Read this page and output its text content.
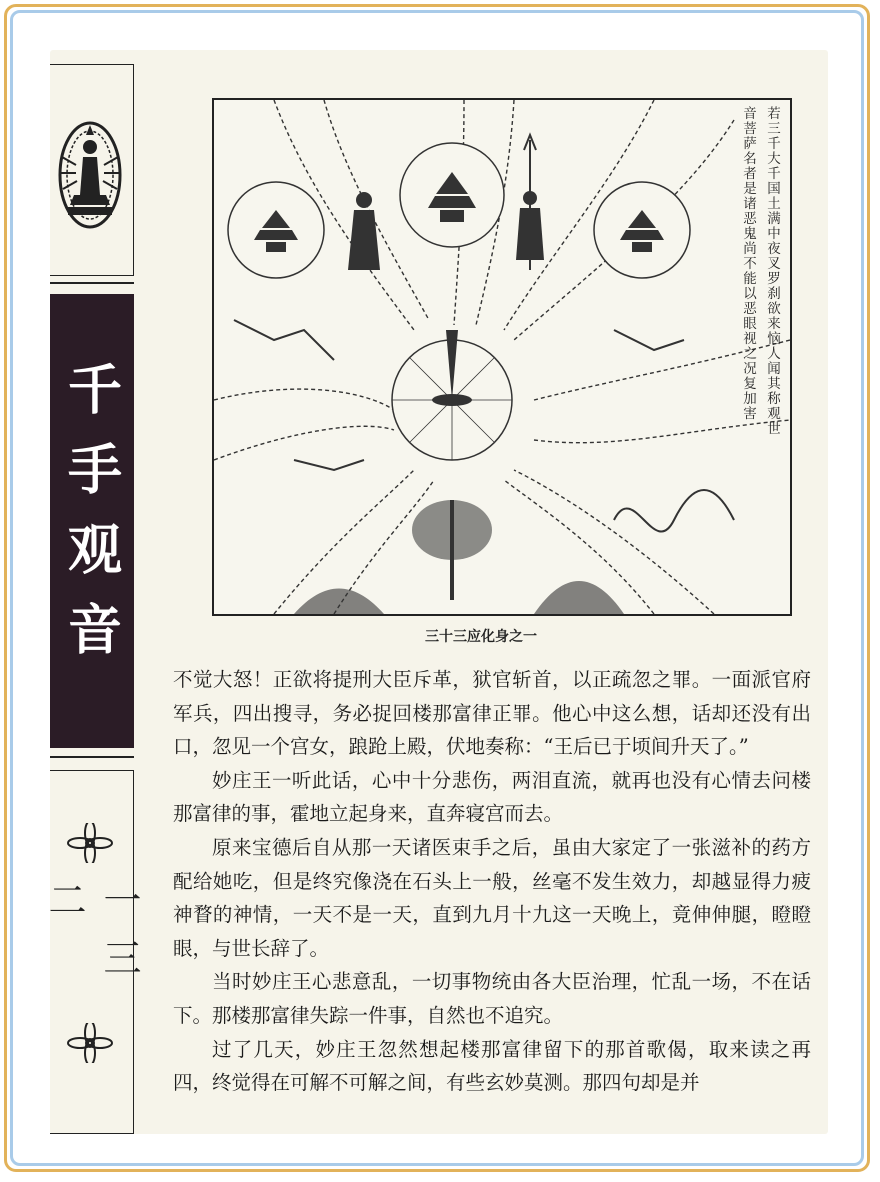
千手观音
一三二
若三千大千国土满中夜叉罗刹欲来恼人闻其称观世音菩萨名者是诸恶鬼尚不能以恶眼视之况复加害
三十三应化身之一

不觉大怒！正欲将提刑大臣斥革，狱官斩首，以正疏忽之罪。一面派官府军兵，四出搜寻，务必捉回楼那富律正罪。他心中这么想，话却还没有出口，忽见一个宫女，踉跄上殿，伏地奏称：“王后已于顷间升天了。”

妙庄王一听此话，心中十分悲伤，两泪直流，就再也没有心情去问楼那富律的事，霍地立起身来，直奔寝宫而去。

原来宝德后自从那一天诸医束手之后，虽由大家定了一张滋补的药方配给她吃，但是终究像浇在石头上一般，丝毫不发生效力，却越显得力疲神瞀的神情，一天不是一天，直到九月十九这一天晚上，竟伸伸腿，瞪瞪眼，与世长辞了。

当时妙庄王心悲意乱，一切事物统由各大臣治理，忙乱一场，不在话下。那楼那富律失踪一件事，自然也不追究。

过了几天，妙庄王忽然想起楼那富律留下的那首歌偈，取来读之再四，终觉得在可解不可解之间，有些玄妙莫测。那四句却是并
